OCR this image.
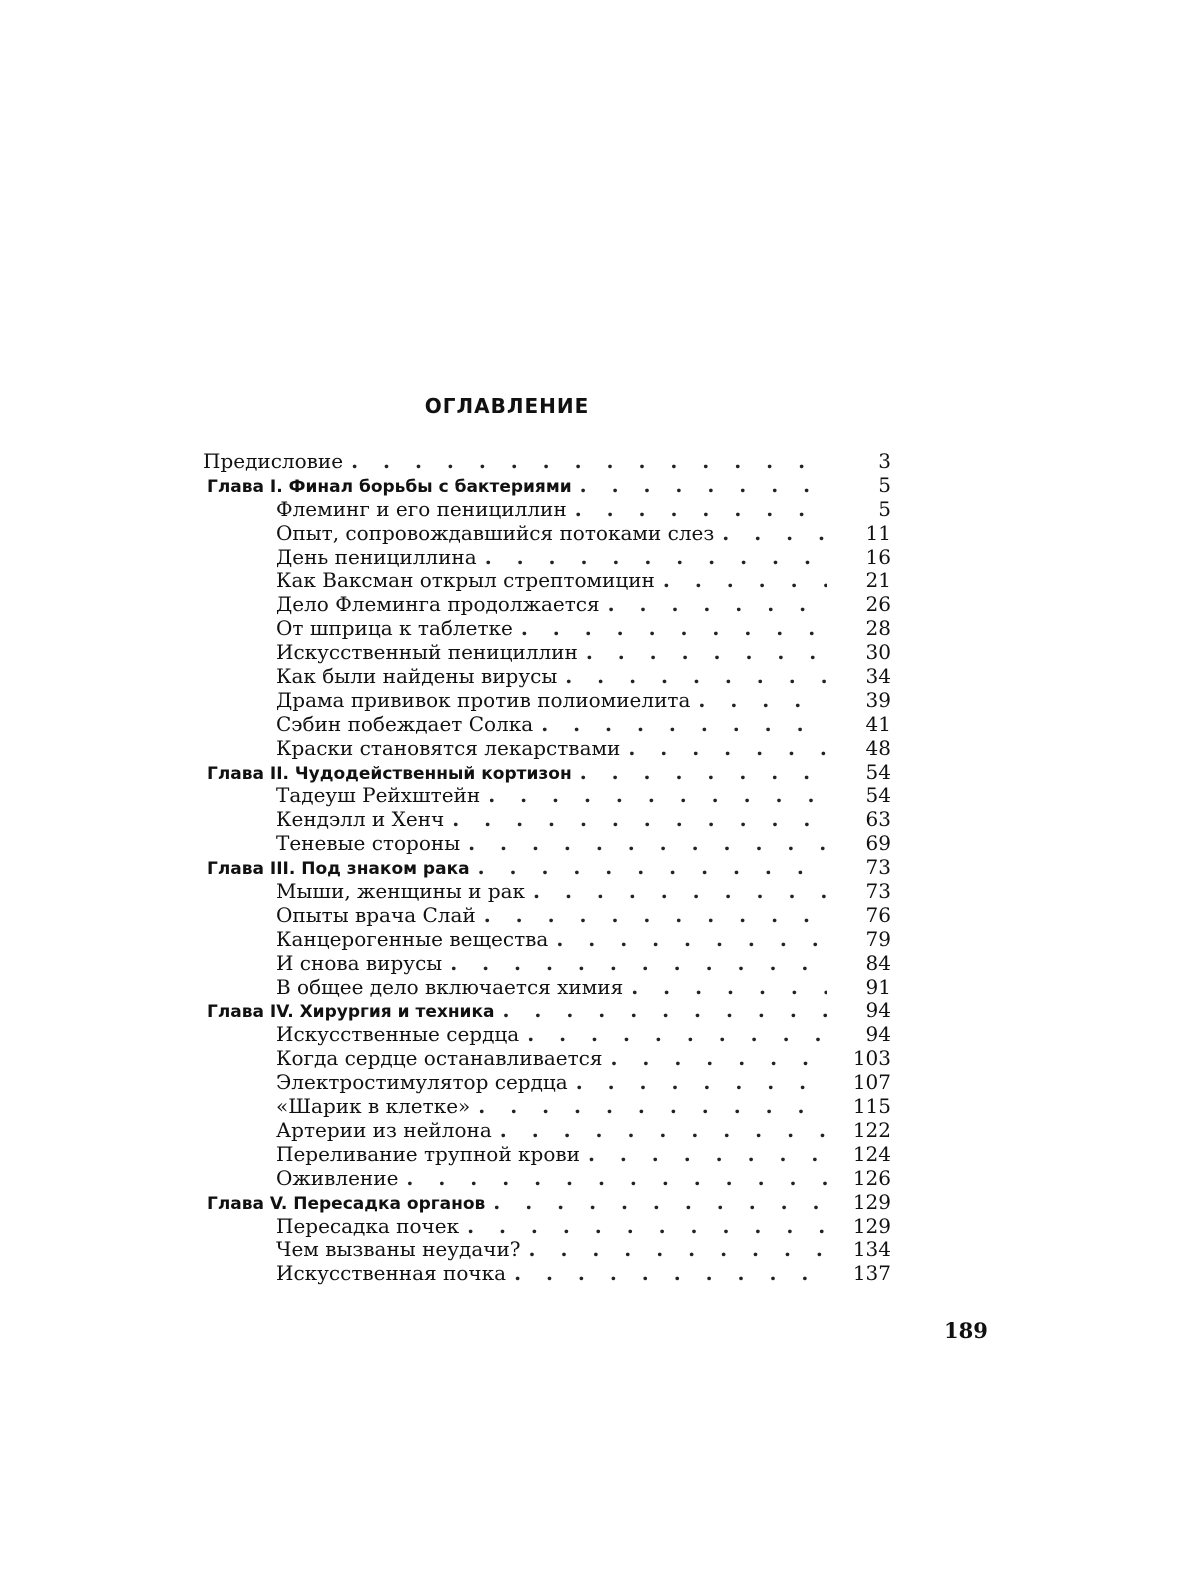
ОГЛАВЛЕНИЕ
Предисловие . . .	3
Глава I. Финал борьбы с бактериями . . .	5
Флеминг и его пенициллин . . .	5
Опыт, сопровождавшийся потоками слез . . .	11
День пенициллина . . .	16
Как Ваксман открыл стрептомицин . . .	21
Дело Флеминга продолжается . . .	26
От шприца к таблетке . . .	28
Искусственный пенициллин . . .	30
Как были найдены вирусы . . .	34
Драма прививок против полиомиелита . . .	39
Сэбин побеждает Солка . . .	41
Краски становятся лекарствами . . .	48
Глава II. Чудодейственный кортизон . . .	54
Тадеуш Рейхштейн . . .	54
Кендэлл и Хенч . . .	63
Теневые стороны . . .	69
Глава III. Под знаком рака . . .	73
Мыши, женщины и рак . . .	73
Опыты врача Слай . . .	76
Канцерогенные вещества . . .	79
И снова вирусы . . .	84
В общее дело включается химия . . .	91
Глава IV. Хирургия и техника . . .	94
Искусственные сердца . . .	94
Когда сердце останавливается . . .	103
Электростимулятор сердца . . .	107
«Шарик в клетке» . . .	115
Артерии из нейлона . . .	122
Переливание трупной крови . . .	124
Оживление . . .	126
Глава V. Пересадка органов . . .	129
Пересадка почек . . .	129
Чем вызваны неудачи? . . .	134
Искусственная почка . . .	137
189
